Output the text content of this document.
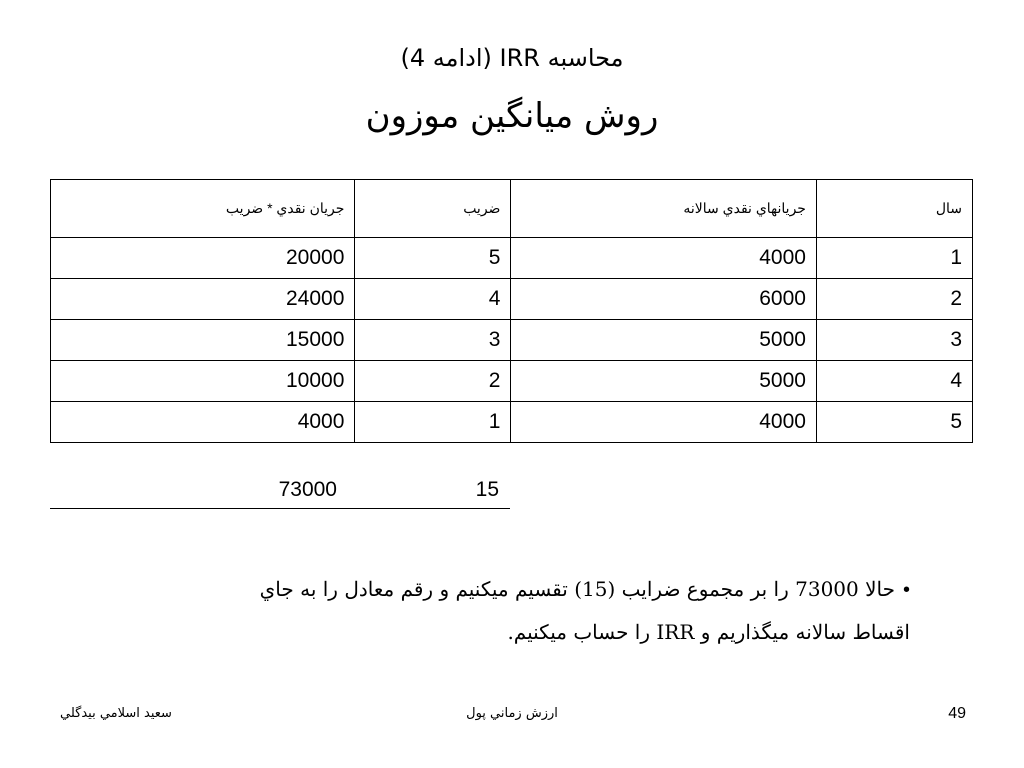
محاسبه IRR (ادامه 4)
روش ميانگين موزون
سال	جريانهاي نقدي سالانه	ضريب	جريان نقدي * ضريب
1	4000	5	20000
2	6000	4	24000
3	5000	3	15000
4	5000	2	10000
5	4000	1	4000
73000	15
•حالا 73000 را بر مجموع ضرايب (15) تقسيم ميكنيم و رقم معادل را به جاي
اقساط سالانه ميگذاريم و IRR را حساب ميكنيم.
ارزش زماني پول
سعيد اسلامي بيدگلي	49
